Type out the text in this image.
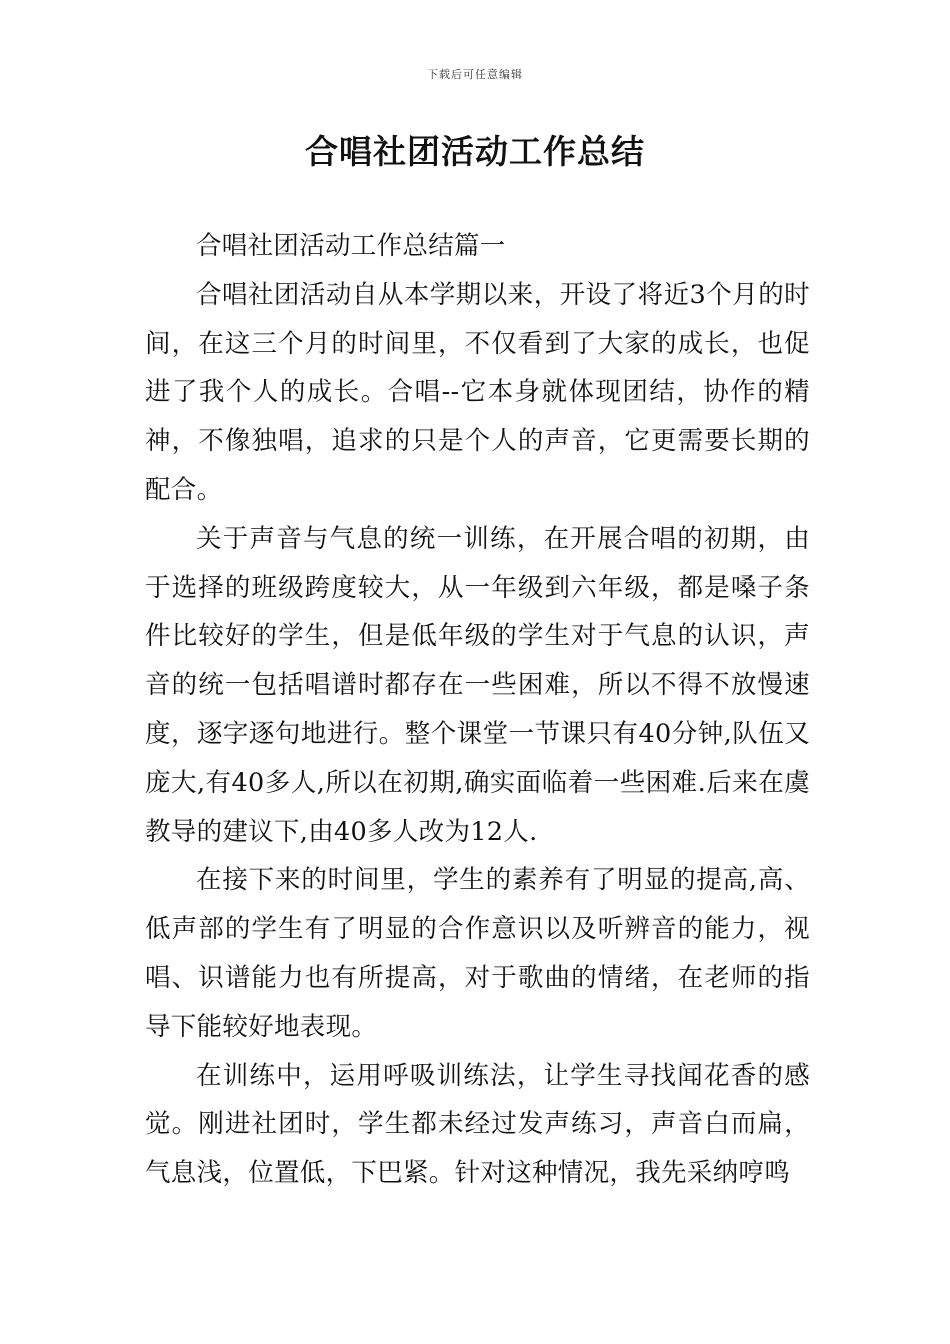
下载后可任意编辑
合唱社团活动工作总结

合唱社团活动工作总结篇一

合唱社团活动自从本学期以来，开设了将近3个月的时间，在这三个月的时间里，不仅看到了大家的成长，也促进了我个人的成长。合唱--它本身就体现团结，协作的精神，不像独唱，追求的只是个人的声音，它更需要长期的配合。

关于声音与气息的统一训练，在开展合唱的初期，由于选择的班级跨度较大，从一年级到六年级，都是嗓子条件比较好的学生，但是低年级的学生对于气息的认识，声音的统一包括唱谱时都存在一些困难，所以不得不放慢速度，逐字逐句地进行。整个课堂一节课只有40分钟,队伍又庞大,有40多人,所以在初期,确实面临着一些困难.后来在虞教导的建议下,由40多人改为12人.

在接下来的时间里，学生的素养有了明显的提高,高、低声部的学生有了明显的合作意识以及听辨音的能力，视唱、识谱能力也有所提高，对于歌曲的情绪，在老师的指导下能较好地表现。

在训练中，运用呼吸训练法，让学生寻找闻花香的感觉。刚进社团时，学生都未经过发声练习，声音白而扁，气息浅，位置低，下巴紧。针对这种情况，我先采纳哼鸣
